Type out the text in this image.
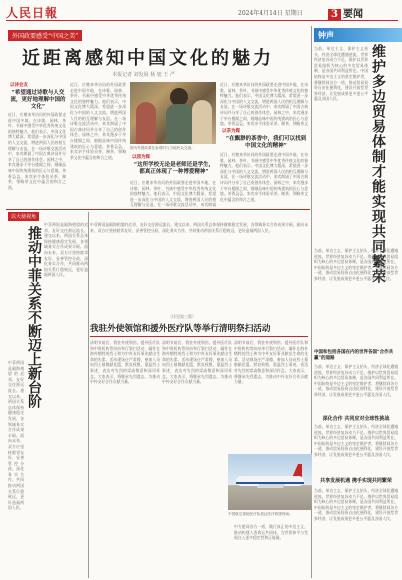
人民日報	2024年4月14日 星期日	3 要闻
外国政要感受“中国之美”
近距离感知中国文化的魅力
本报记者 刘发展 杨 旭 王 严
以诗会友
“希望通过诗歌与人交流，更好地理解中国的文化”
近日，应邀来华访问的外国政要走进中国多地，在诗歌、园林、茶叶、书画中感受中华优秀传统文化的独特魅力。他们表示，中国文化博大精深，希望进一步深化与中国的人文交流，增进两国人民的相互理解与友谊。在一场诗歌交流活动中，来宾朗诵了中国古典诗词并分享了自己的创作体会。园林之中，来宾漫步于亭台楼阁之间，细细品味中国传统建筑的匠心与意境。茶香袅袅，来宾亲手体验采茶、制茶，领略茶文化中蕴含的和合之道。
近日，应邀来华访问的外国政要走进中国多地，在诗歌、园林、茶叶、书画中感受中华优秀传统文化的独特魅力。他们表示，中国文化博大精深，希望进一步深化与中国的人文交流，增进两国人民的相互理解与友谊。在一场诗歌交流活动中，来宾朗诵了中国古典诗词并分享了自己的创作体会。园林之中，来宾漫步于亭台楼阁之间，细细品味中国传统建筑的匠心与意境。茶香袅袅，来宾亲手体验采茶、制茶，领略茶文化中蕴含的和合之道。
图为外国政要在参观时与当地民众交流。
以园为媒
“这所学校无论是老师还是学生，都真正体现了一种博爱精神”
近日，应邀来华访问的外国政要走进中国多地，在诗歌、园林、茶叶、书画中感受中华优秀传统文化的独特魅力。他们表示，中国文化博大精深，希望进一步深化与中国的人文交流，增进两国人民的相互理解与友谊。在一场诗歌交流活动中，来宾朗诵
近日，应邀来华访问的外国政要走进中国多地，在诗歌、园林、茶叶、书画中感受中华优秀传统文化的独特魅力。他们表示，中国文化博大精深，希望进一步深化与中国的人文交流，增进两国人民的相互理解与友谊。在一场诗歌交流活动中，来宾朗诵了中国古典诗词并分享了自己的创作体会。园林之中，来宾漫步于亭台楼阁之间，细细品味中国传统建筑的匠心与意境。茶香袅袅，来宾亲手体验采茶、制茶，领略茶文
以茶为媒
“在飘渺的茶香中，我们可以找到中国文化的精神”
近日，应邀来华访问的外国政要走进中国多地，在诗歌、园林、茶叶、书画中感受中华优秀传统文化的独特魅力。他们表示，中国文化博大精深，希望进一步深化与中国的人文交流，增进两国人民的相互理解与友谊。在一场诗歌交流活动中，来宾朗诵了中国古典诗词并分享了自己的创作体会。园林之中，来宾漫步于亭台楼阁之间，细细品味中国传统建筑的匠心与意境。茶香袅袅，来宾亲手体验采茶、制茶，领略茶文化中蕴含的和合之道。
钟声
维护多边贸易体制才能实现共同繁荣
当前，单边主义、保护主义抬头，经济全球化遭遇逆流，世界经济复苏动力不足。维护以世界贸易组织为核心的多边贸易体制，是各国共同利益所在。中国始终是多边主义的坚定维护者，将继续同各方一道，推动贸易投资自由化便利化，建设开放型世界经济，让发展成果更多更公平惠及各国人民。
当前，单边主义、保护主义抬头，经济全球化遭遇逆流，世界经济复苏动力不足。维护以世界贸易组织为核心的多边贸易体制，是各国共同利益所在。中国始终是多边主义的坚定维护者，将继续同各方一道，推动贸易投资自由化便利化，建设开放型世界经济，让发展成果更多更公平惠及各国人民。
中国和包括各国在内的世界各国“合作共赢”的道路
当前，单边主义、保护主义抬头，经济全球化遭遇逆流，世界经济复苏动力不足。维护以世界贸易组织为核心的多边贸易体制，是各国共同利益所在。中国始终是多边主义的坚定维护者，将继续同各方一道，推动贸易投资自由化便利化，建设开放型世界经济，让发展成果更多更公平惠及各国人民。
深化合作 共同应对全球性挑战
当前，单边主义、保护主义抬头，经济全球化遭遇逆流，世界经济复苏动力不足。维护以世界贸易组织为核心的多边贸易体制，是各国共同利益所在。中国始终是多边主义的坚定维护者，将继续同各方一道，推动贸易投资自由化便利化，建设开放型世界经济，让发展成果更多更公平惠及各国人民。
共享发展机遇 携手实现共同繁荣
当前，单边主义、保护主义抬头，经济全球化遭遇逆流，世界经济复苏动力不足。维护以世界贸易组织为核心的多边贸易体制，是各国共同利益所在。中国始终是多边主义的坚定维护者，将继续同各方一道，推动贸易投资自由化便利化，建设开放型世界经济，让发展成果更多更公平惠及各国人民。
以大使视角
推动中菲关系不断迈上新台阶
中菲两国是隔海相望的近邻，友好交往源远流长。建交以来，两国关系总体保持健康稳定发展，各领域务实合作成果丰硕。面向未来，双方应坚持睦邻友好，妥善管控分歧，深化务实合作，共同推动两国关系行稳致远，更好造福两国人民。
中菲两国是隔海相望的近邻，友好交往源远流长。建交以来，两国关系总体保持健康稳定发展，各领域务实合作成果丰硕。面向未来，双方应坚持睦邻友好，妥善管控分歧，深化务实合作，共同推动两国关系行稳致远，更好造福两国人民。
中菲两国是隔海相望的近邻，友好交往源远流长。建交以来，两国关系总体保持健康稳定发展，各领域务实合作成果丰硕。面向未来，双方应坚持睦邻友好，妥善管控分歧，深化务实合作，共同推动两国关系行稳致远，更好造福两国人民。
（详见第三版）
我驻外使领馆和援外医疗队等举行清明祭扫活动
清明节前后，我驻外使领馆、援外医疗队和中资机构等纷纷举行祭扫活动，缅怀在海外牺牲的烈士和为中外友好事业献出生命的先辈。活动现场庄严肃穆，参加人员向烈士墓敬献花篮，默哀致敬，重温烈士事迹，表达对先烈的崇高敬意和深切怀念。大家表示，将继承先烈遗志，为推动中外友好合作贡献力量。
清明节前后，我驻外使领馆、援外医疗队和中资机构等纷纷举行祭扫活动，缅怀在海外牺牲的烈士和为中外友好事业献出生命的先辈。活动现场庄严肃穆，参加人员向烈士墓敬献花篮，默哀致敬，重温烈士事迹，表达对先烈的崇高敬意和深切怀念。大家表示，将继承先烈遗志，为推动中外友好合作贡献力量。
清明节前后，我驻外使领馆、援外医疗队和中资机构等纷纷举行祭扫活动，缅怀在海外牺牲的烈士和为中外友好事业献出生命的先辈。活动现场庄严肃穆，参加人员向烈士墓敬献花篮，默哀致敬，重温烈士事迹，表达对先烈的崇高敬意和深切怀念。大家表示，将继承先烈遗志，为推动中外友好合作贡献力量。
中国航空援助医疗队抵达医疗救援现场。
中方愿同各方一道，践行真正的多边主义，推动构建人类命运共同体，为世界和平与发展注入更多稳定性和正能量。
